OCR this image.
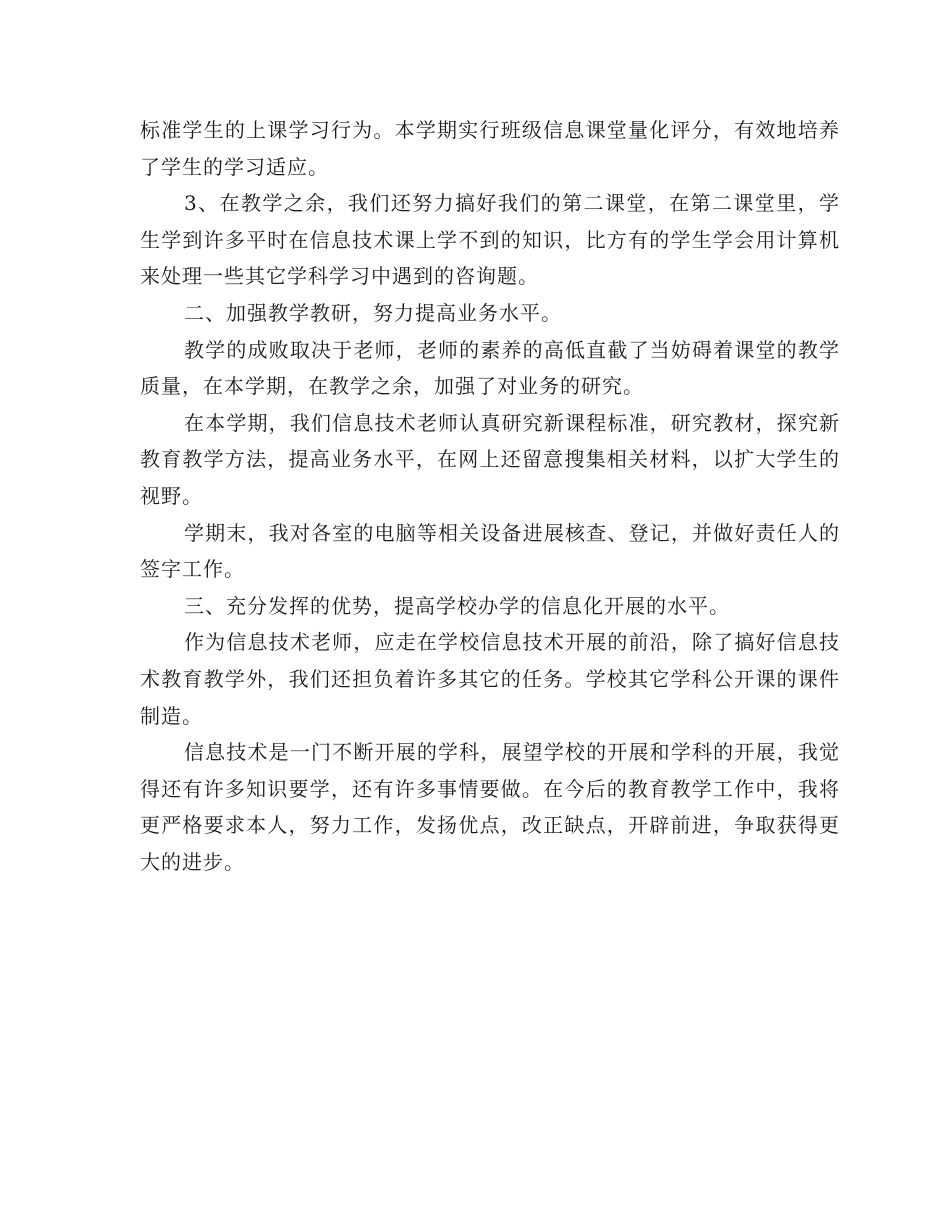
标准学生的上课学习行为。本学期实行班级信息课堂量化评分，有效地培养了学生的学习适应。

3、在教学之余，我们还努力搞好我们的第二课堂，在第二课堂里，学生学到许多平时在信息技术课上学不到的知识，比方有的学生学会用计算机来处理一些其它学科学习中遇到的咨询题。

二、加强教学教研，努力提高业务水平。

教学的成败取决于老师，老师的素养的高低直截了当妨碍着课堂的教学质量，在本学期，在教学之余，加强了对业务的研究。

在本学期，我们信息技术老师认真研究新课程标准，研究教材，探究新教育教学方法，提高业务水平，在网上还留意搜集相关材料，以扩大学生的视野。

学期末，我对各室的电脑等相关设备进展核查、登记，并做好责任人的签字工作。

三、充分发挥的优势，提高学校办学的信息化开展的水平。

作为信息技术老师，应走在学校信息技术开展的前沿，除了搞好信息技术教育教学外，我们还担负着许多其它的任务。学校其它学科公开课的课件制造。

信息技术是一门不断开展的学科，展望学校的开展和学科的开展，我觉得还有许多知识要学，还有许多事情要做。在今后的教育教学工作中，我将更严格要求本人，努力工作，发扬优点，改正缺点，开辟前进，争取获得更大的进步。
